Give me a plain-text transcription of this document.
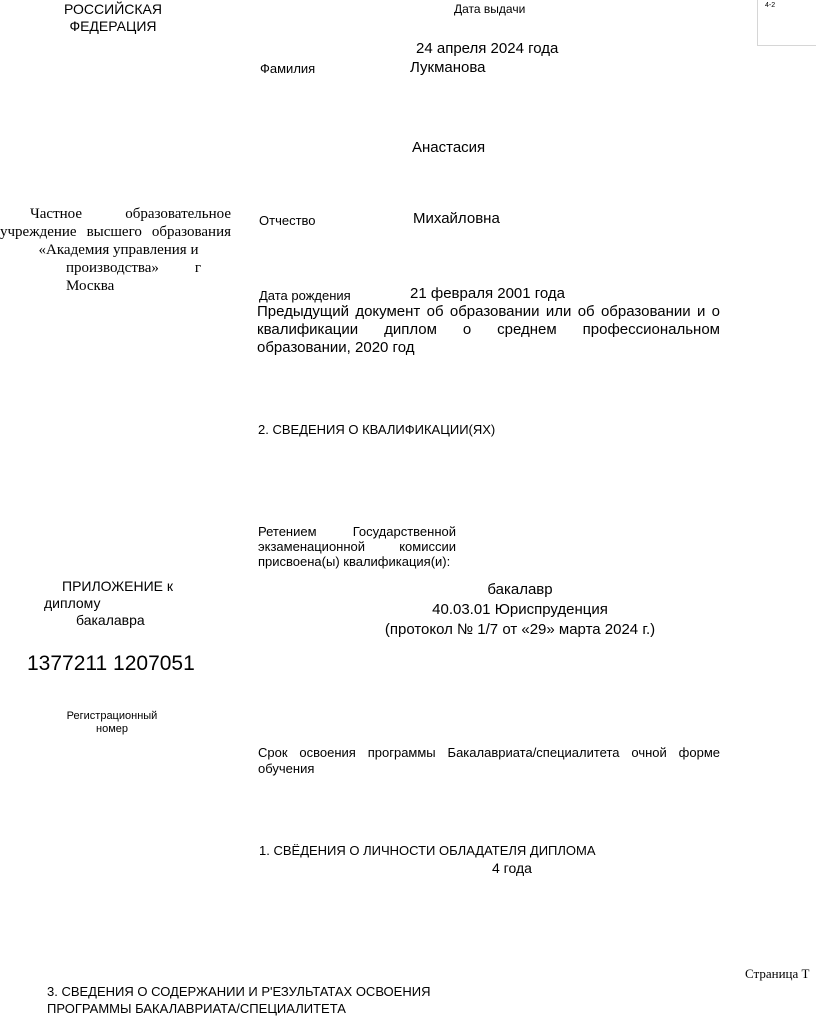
РОССИЙСКАЯ
ФЕДЕРАЦИЯ
Частное образовательное
учреждение высшего образования
«Академия управления и
производства» г
Москва
ПРИЛОЖЕНИЕ к
диплому
бакалавра
1377211 1207051
Регистрационный
номер
3. СВЕДЕНИЯ О СОДЕРЖАНИИ И Р'ЕЗУЛЬТАТАХ ОСВОЕНИЯ
ПРОГРАММЫ БАКАЛАВРИАТА/СПЕЦИАЛИТЕТА
4-2
Дата выдачи
24 апреля 2024 года
Фамилия	Лукманова
Анастасия
Отчество	Михайловна
Дата рождения	21 февраля 2001 года
Предыдущий документ об образовании или об образовании и о квалификации диплом о среднем профессиональном образовании, 2020 год
2. СВЕДЕНИЯ О КВАЛИФИКАЦИИ(ЯХ)
Ретением Государственной
экзаменационной комиссии
присвоена(ы) квалификация(и):
бакалавр
40.03.01 Юриспруденция
(протокол № 1/7 от «29» марта 2024 г.)
Срок освоения программы Бакалавриата/специалитета очной форме обучения
1. СВЁДЕНИЯ О ЛИЧНОСТИ ОБЛАДАТЕЛЯ ДИПЛОМА
4 года
Страница Т
